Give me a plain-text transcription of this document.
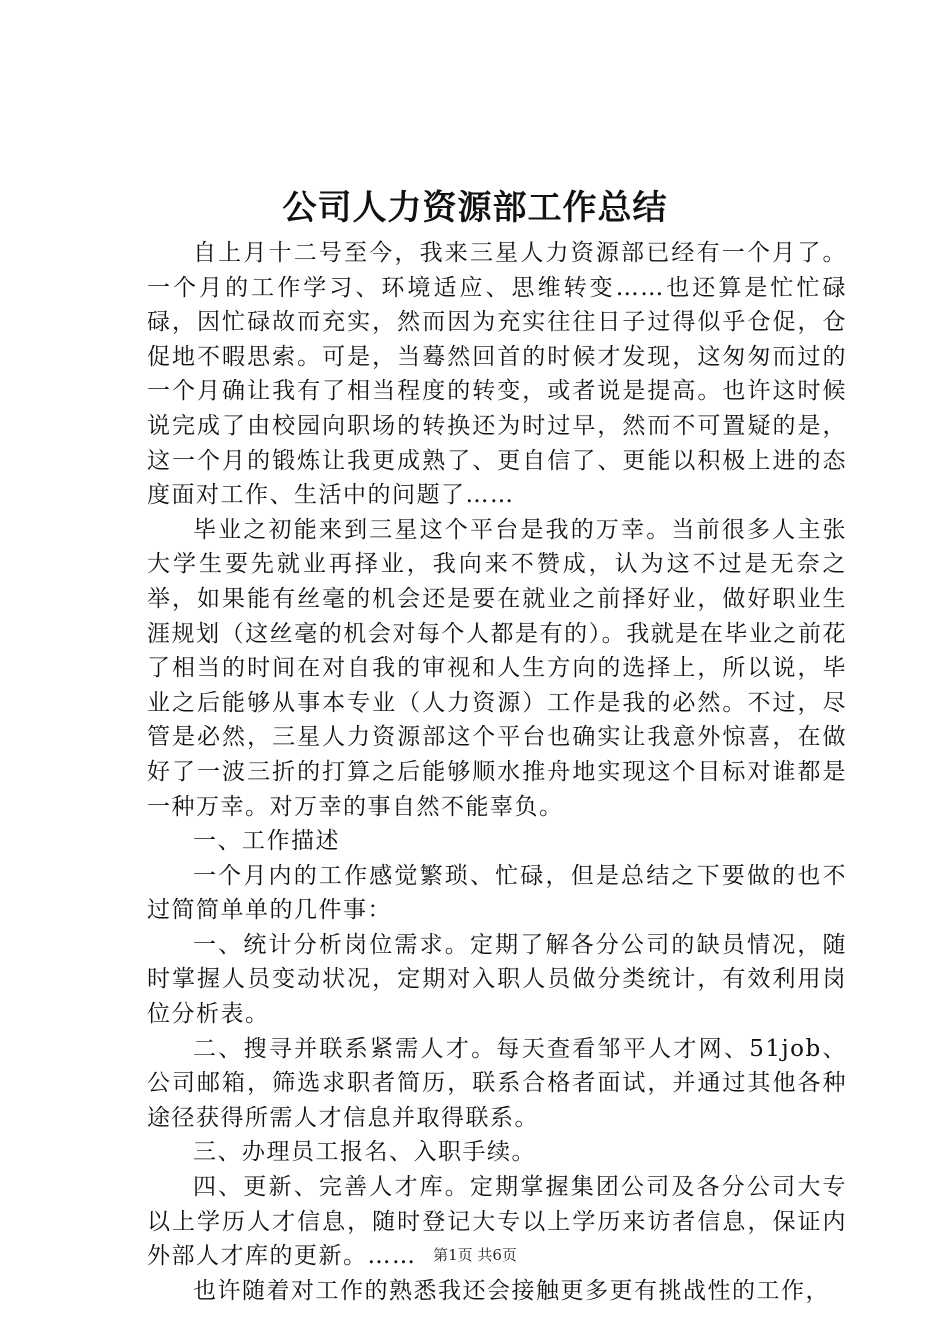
公司人力资源部工作总结

自上月十二号至今，我来三星人力资源部已经有一个月了。一个月的工作学习、环境适应、思维转变……也还算是忙忙碌碌，因忙碌故而充实，然而因为充实往往日子过得似乎仓促，仓促地不暇思索。可是，当蓦然回首的时候才发现，这匆匆而过的一个月确让我有了相当程度的转变，或者说是提高。也许这时候说完成了由校园向职场的转换还为时过早，然而不可置疑的是，这一个月的锻炼让我更成熟了、更自信了、更能以积极上进的态度面对工作、生活中的问题了……

毕业之初能来到三星这个平台是我的万幸。当前很多人主张大学生要先就业再择业，我向来不赞成，认为这不过是无奈之举，如果能有丝毫的机会还是要在就业之前择好业，做好职业生涯规划（这丝毫的机会对每个人都是有的）。我就是在毕业之前花了相当的时间在对自我的审视和人生方向的选择上，所以说，毕业之后能够从事本专业（人力资源）工作是我的必然。不过，尽管是必然，三星人力资源部这个平台也确实让我意外惊喜，在做好了一波三折的打算之后能够顺水推舟地实现这个目标对谁都是一种万幸。对万幸的事自然不能辜负。

一、工作描述

一个月内的工作感觉繁琐、忙碌，但是总结之下要做的也不过简简单单的几件事：

一、统计分析岗位需求。定期了解各分公司的缺员情况，随时掌握人员变动状况，定期对入职人员做分类统计，有效利用岗位分析表。

二、搜寻并联系紧需人才。每天查看邹平人才网、51job、公司邮箱，筛选求职者简历，联系合格者面试，并通过其他各种途径获得所需人才信息并取得联系。

三、办理员工报名、入职手续。

四、更新、完善人才库。定期掌握集团公司及各分公司大专以上学历人才信息，随时登记大专以上学历来访者信息，保证内外部人才库的更新。……

也许随着对工作的熟悉我还会接触更多更有挑战性的工作，

第1页 共6页
